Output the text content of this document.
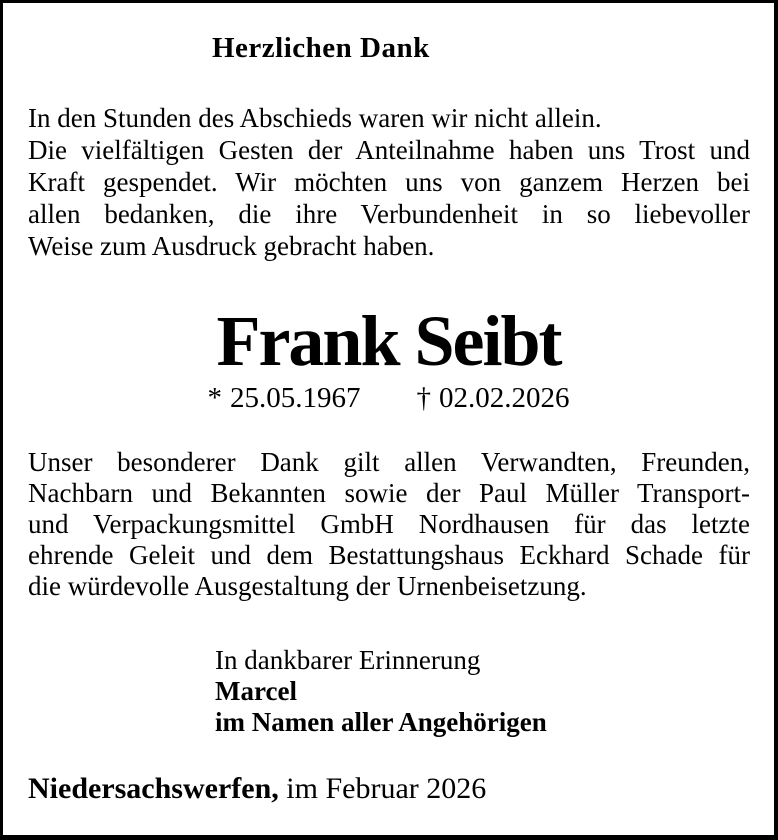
Herzlichen Dank
In den Stunden des Abschieds waren wir nicht allein.
Die vielfältigen Gesten der Anteilnahme haben uns Trost und
Kraft gespendet. Wir möchten uns von ganzem Herzen bei
allen bedanken, die ihre Verbundenheit in so liebevoller
Weise zum Ausdruck gebracht haben.
Frank Seibt
* 25.05.1967 † 02.02.2026
Unser besonderer Dank gilt allen Verwandten, Freunden,
Nachbarn und Bekannten sowie der Paul Müller Transport-
und Verpackungsmittel GmbH Nordhausen für das letzte
ehrende Geleit und dem Bestattungshaus Eckhard Schade für
die würdevolle Ausgestaltung der Urnenbeisetzung.
In dankbarer Erinnerung
Marcel
im Namen aller Angehörigen
Niedersachswerfen, im Februar 2026
